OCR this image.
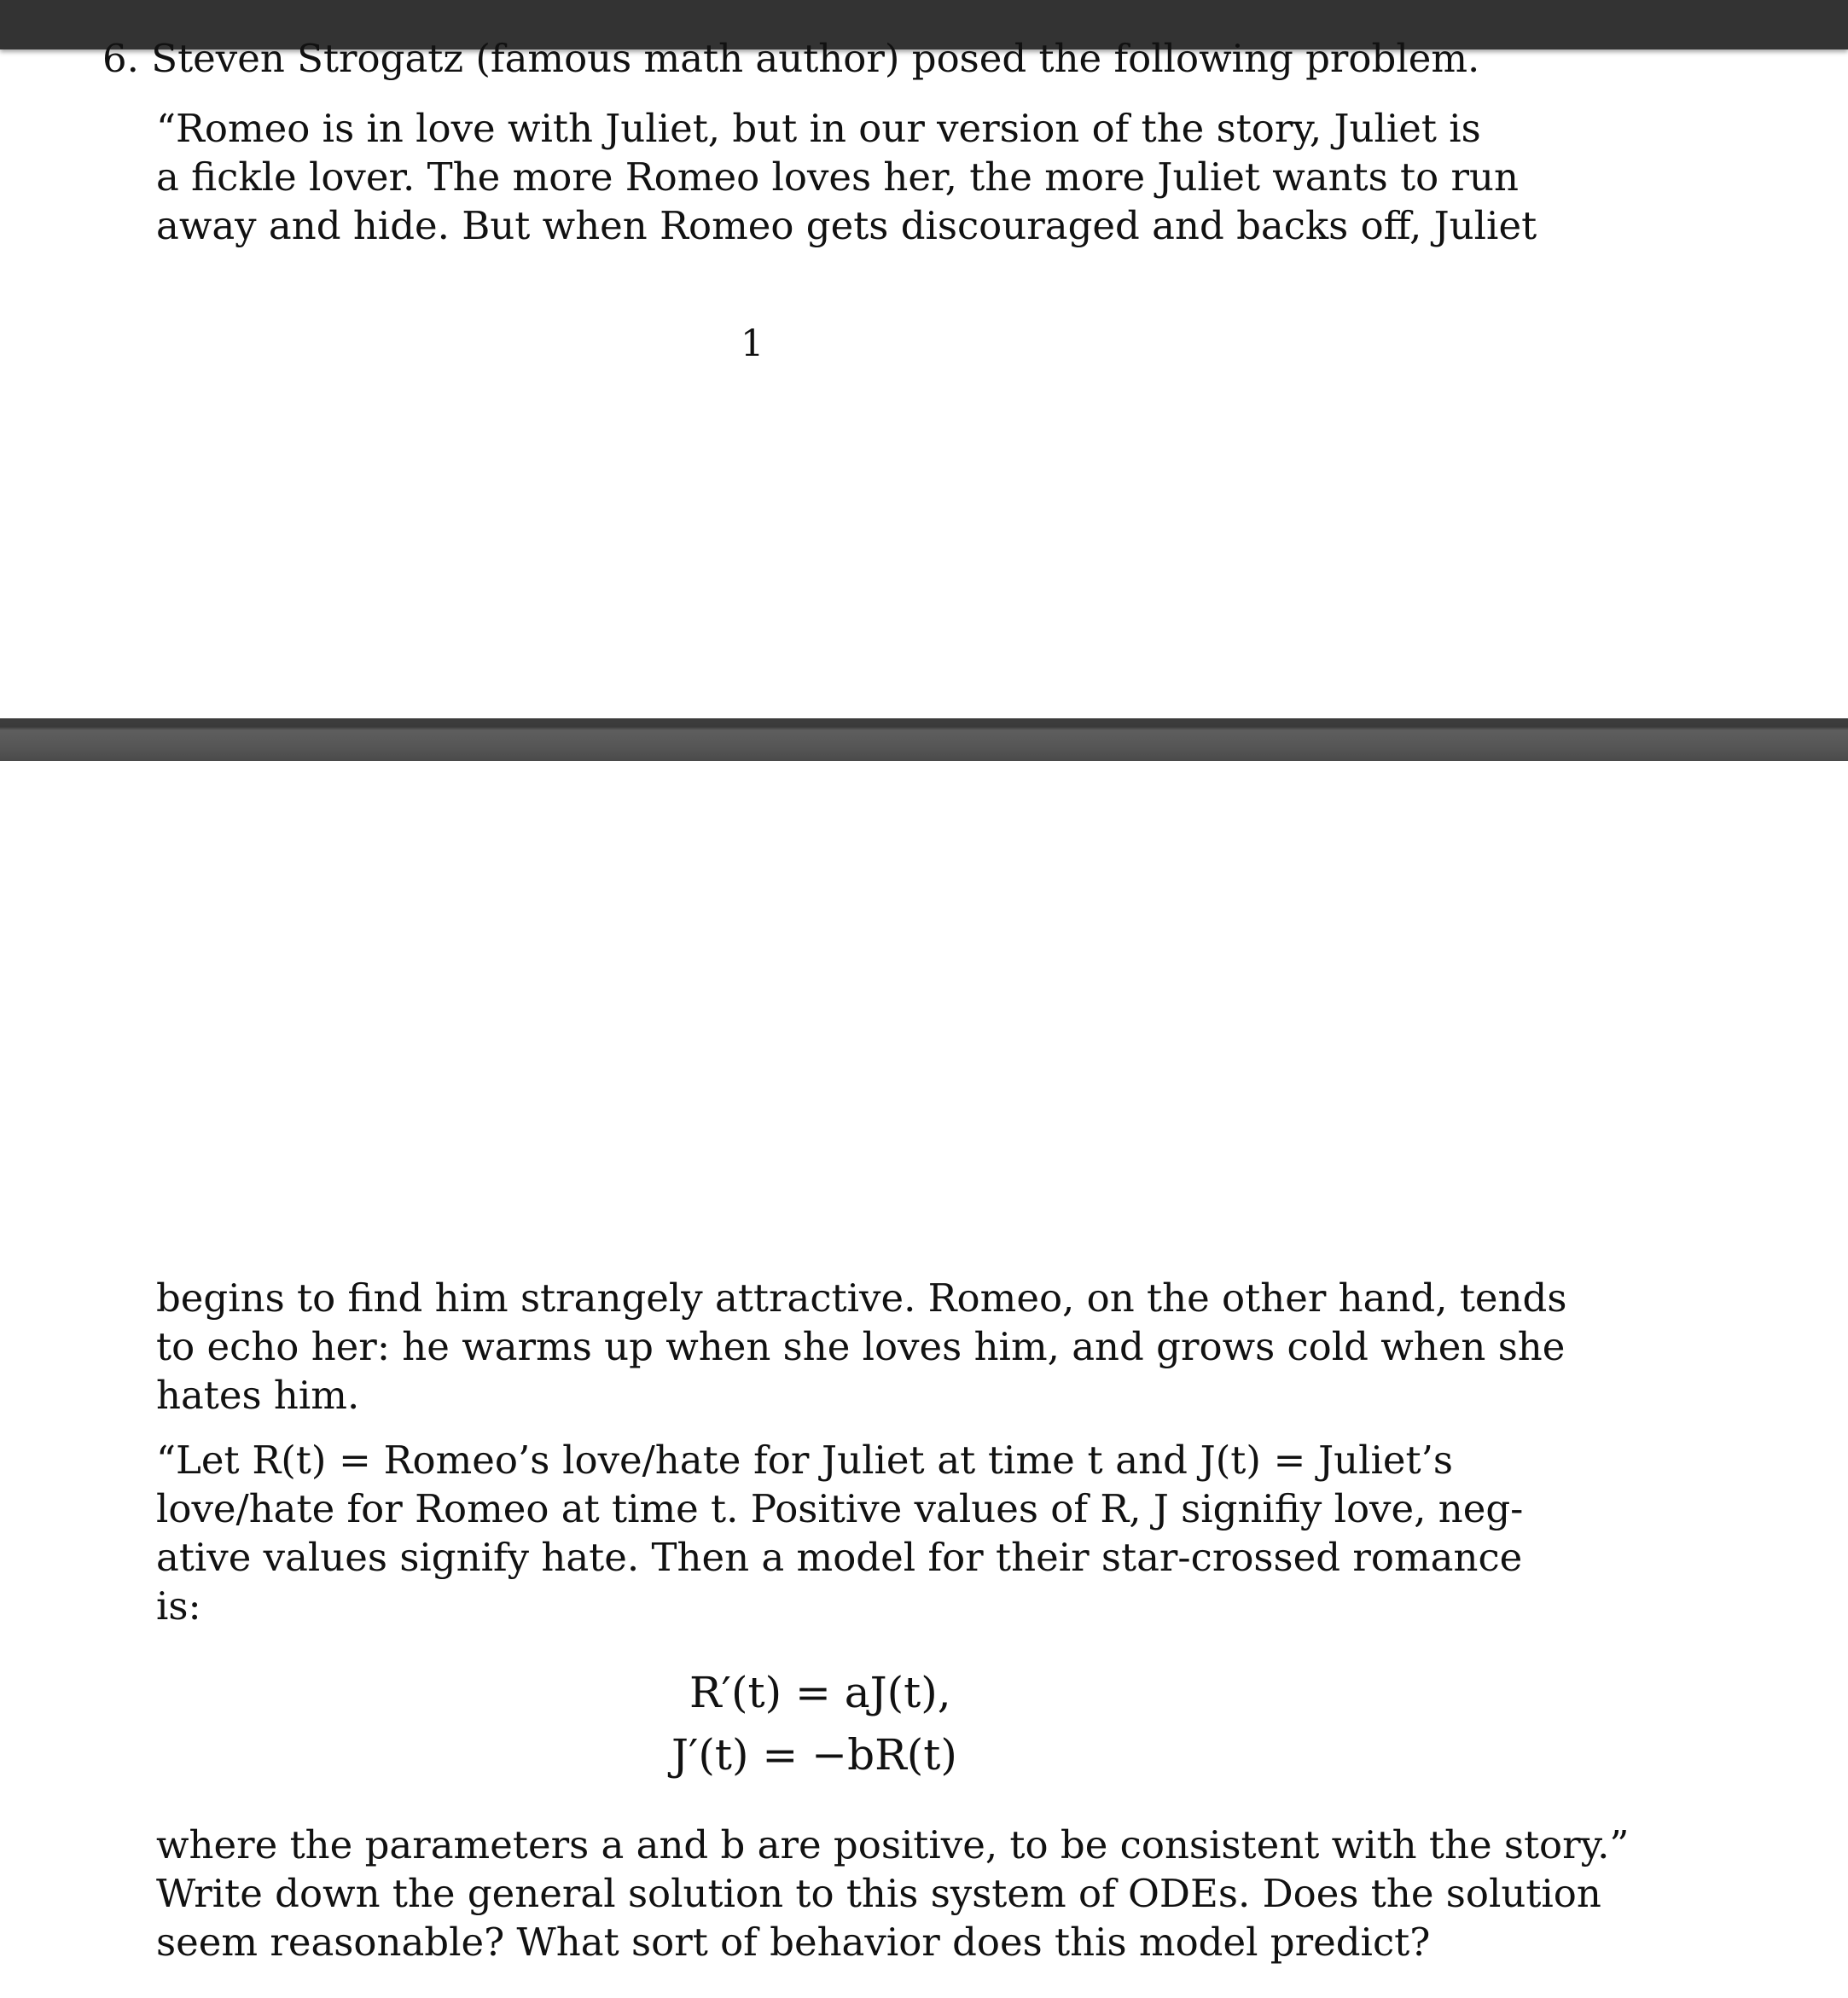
6. Steven Strogatz (famous math author) posed the following problem.
“Romeo is in love with Juliet, but in our version of the story, Juliet is
a fickle lover. The more Romeo loves her, the more Juliet wants to run
away and hide. But when Romeo gets discouraged and backs off, Juliet
1
begins to find him strangely attractive. Romeo, on the other hand, tends
to echo her: he warms up when she loves him, and grows cold when she
hates him.
“Let R(t) = Romeo’s love/hate for Juliet at time t and J(t) = Juliet’s
love/hate for Romeo at time t. Positive values of R, J signifiy love, neg-
ative values signify hate. Then a model for their star-crossed romance
is:
R′(t) = aJ(t),
J′(t) = −bR(t)
where the parameters a and b are positive, to be consistent with the story.”
Write down the general solution to this system of ODEs. Does the solution
seem reasonable? What sort of behavior does this model predict?
